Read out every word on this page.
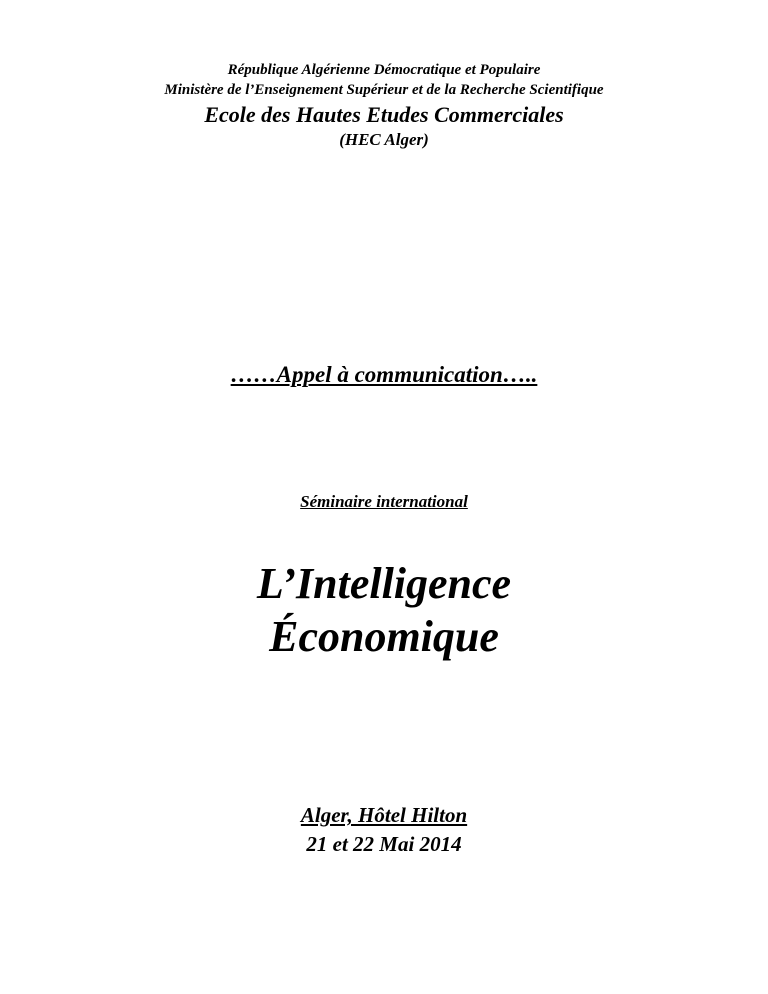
République Algérienne Démocratique et Populaire
Ministère de l’Enseignement Supérieur et de la Recherche Scientifique
Ecole des Hautes Etudes Commerciales
(HEC Alger)
……Appel à communication…..
Séminaire international
L’Intelligence
Économique
Alger, Hôtel Hilton
21 et 22 Mai 2014
